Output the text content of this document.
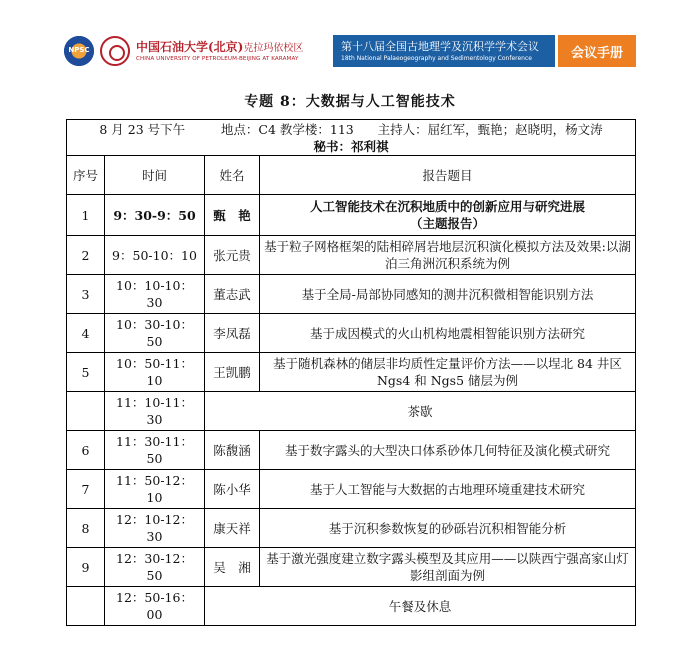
NPSC	中国石油大学(北京)克拉玛依校区
CHINA UNIVERSITY OF PETROLEUM-BEIJING AT KARAMAY
第十八届全国古地理学及沉积学学术会议
18th National Palaeogeography and Sedimentology Conference	会议手册
专题 8：大数据与人工智能技术
8 月 23 号下午 地点：C4 教学楼：113 主持人：屈红军，甄艳；赵晓明，杨文涛
秘书：祁利祺			

序号	时间	姓名	报告题目
1	9：30-9：50	甄　艳	人工智能技术在沉积地质中的创新应用与研究进展
（主题报告）
2	9：50-10：10	张元贵	基于粒子网格框架的陆相碎屑岩地层沉积演化模拟方法及效果:以湖泊三角洲沉积系统为例
3	10：10-10：30	董志武	基于全局-局部协同感知的测井沉积微相智能识别方法
4	10：30-10：50	李凤磊	基于成因模式的火山机构地震相智能识别方法研究
5	10：50-11：10	王凯鹏	基于随机森林的储层非均质性定量评价方法——以埕北 84 井区 Ngs4 和 Ngs5 储层为例
	11：10-11：30	茶歇	
6	11：30-11：50	陈馥涵	基于数字露头的大型决口体系砂体几何特征及演化模式研究
7	11：50-12：10	陈小华	基于人工智能与大数据的古地理环境重建技术研究
8	12：10-12：30	康天祥	基于沉积参数恢复的砂砾岩沉积相智能分析
9	12：30-12：50	吴　湘	基于激光强度建立数字露头模型及其应用——以陕西宁强高家山灯影组剖面为例
	12：50-16：00	午餐及休息	
